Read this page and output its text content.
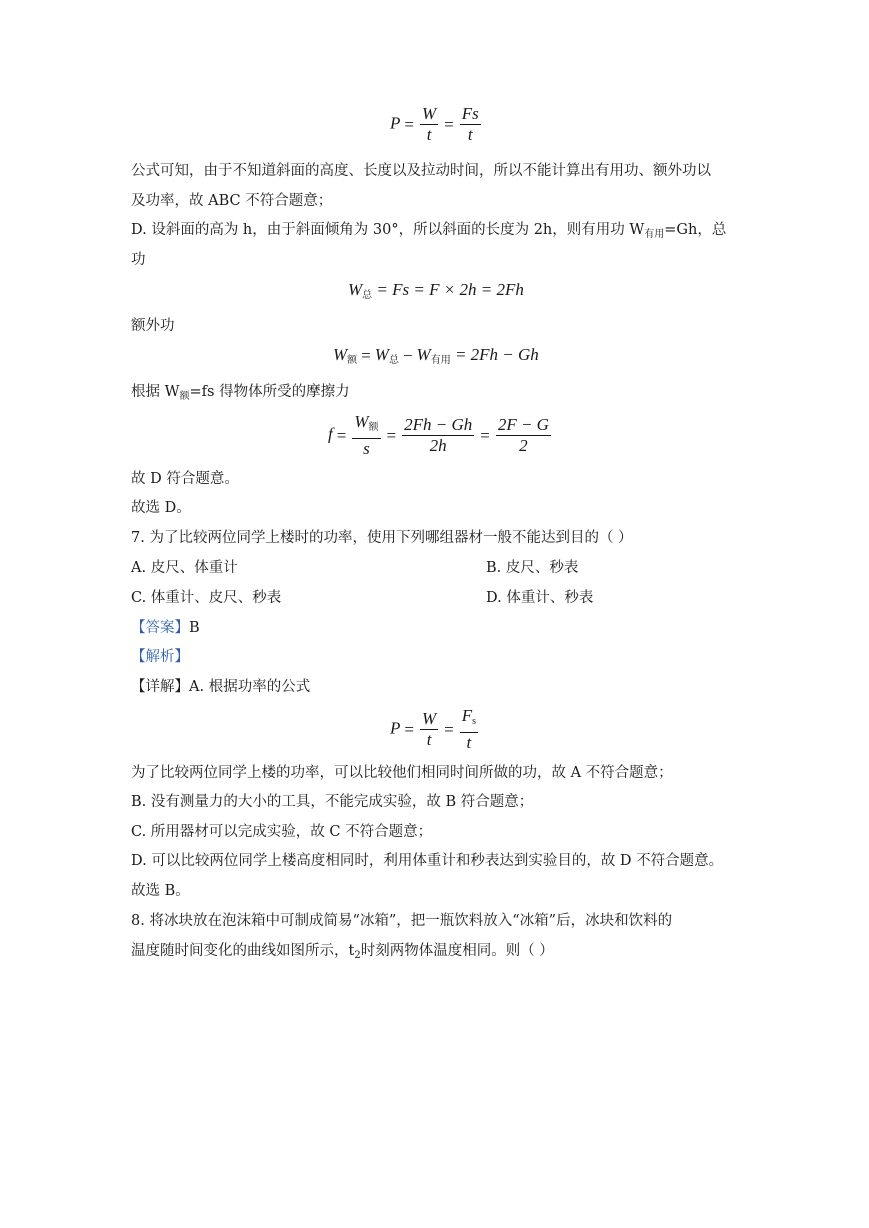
$P = \frac{W}{t} = \frac{Fs}{t}$
公式可知，由于不知道斜面的高度、长度以及拉动时间，所以不能计算出有用功、额外功以
及功率，故 ABC 不符合题意；
D. 设斜面的高为 h，由于斜面倾角为 30°，所以斜面的长度为 2h，则有用功 $W_{有用}=Gh$，总
功
$W_总 = Fs = F \times 2h = 2Fh$
额外功
$W_额 = W_总 - W_{有用} = 2Fh - Gh$
根据 $W_额=fs$ 得物体所受的摩擦力
$f = \frac{W_额}{s} = \frac{2Fh - Gh}{2h} = \frac{2F - G}{2}$
故 D 符合题意。
故选 D。
7. 为了比较两位同学上楼时的功率，使用下列哪组器材一般不能达到目的（ ）
A. 皮尺、体重计	B. 皮尺、秒表
C. 体重计、皮尺、秒表	D. 体重计、秒表
【答案】B
【解析】
【详解】A. 根据功率的公式
$P = \frac{W}{t} = \frac{F_s}{t}$
为了比较两位同学上楼的功率，可以比较他们相同时间所做的功，故 A 不符合题意；
B. 没有测量力的大小的工具，不能完成实验，故 B 符合题意；
C. 所用器材可以完成实验，故 C 不符合题意；
D. 可以比较两位同学上楼高度相同时，利用体重计和秒表达到实验目的，故 D 不符合题意。
故选 B。
8. 将冰块放在泡沫箱中可制成简易“冰箱”，把一瓶饮料放入“冰箱”后，冰块和饮料的
温度随时间变化的曲线如图所示，$t_2$时刻两物体温度相同。则（ ）
